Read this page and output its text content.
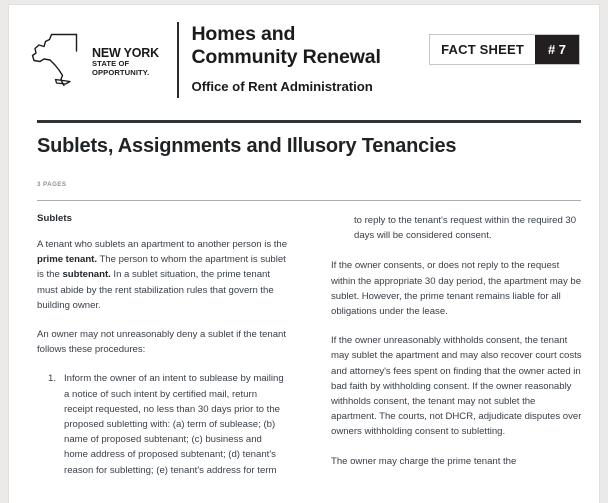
NEW YORK
STATE OF
OPPORTUNITY.
Homes and
Community Renewal
Office of Rent Administration
FACT SHEET	# 7
Sublets, Assignments and Illusory Tenancies
3 PAGES
Sublets

A tenant who sublets an apartment to another person is the prime tenant. The person to whom the apartment is sublet is the subtenant. In a sublet situation, the prime tenant must abide by the rent stabilization rules that govern the building owner.

An owner may not unreasonably deny a sublet if the tenant follows these procedures:

Inform the owner of an intent to sublease by mailing a notice of such intent by certified mail, return receipt requested, no less than 30 days prior to the proposed subletting with: (a) term of sublease; (b) name of proposed subtenant; (c) business and home address of proposed subtenant; (d) tenant's reason for subletting; (e) tenant's address for term

to reply to the tenant's request within the required 30 days will be considered consent.

If the owner consents, or does not reply to the request within the appropriate 30 day period, the apartment may be sublet. However, the prime tenant remains liable for all obligations under the lease.

If the owner unreasonably withholds consent, the tenant may sublet the apartment and may also recover court costs and attorney's fees spent on finding that the owner acted in bad faith by withholding consent. If the owner reasonably withholds consent, the tenant may not sublet the apartment. The courts, not DHCR, adjudicate disputes over owners withholding consent to subletting.

The owner may charge the prime tenant the
